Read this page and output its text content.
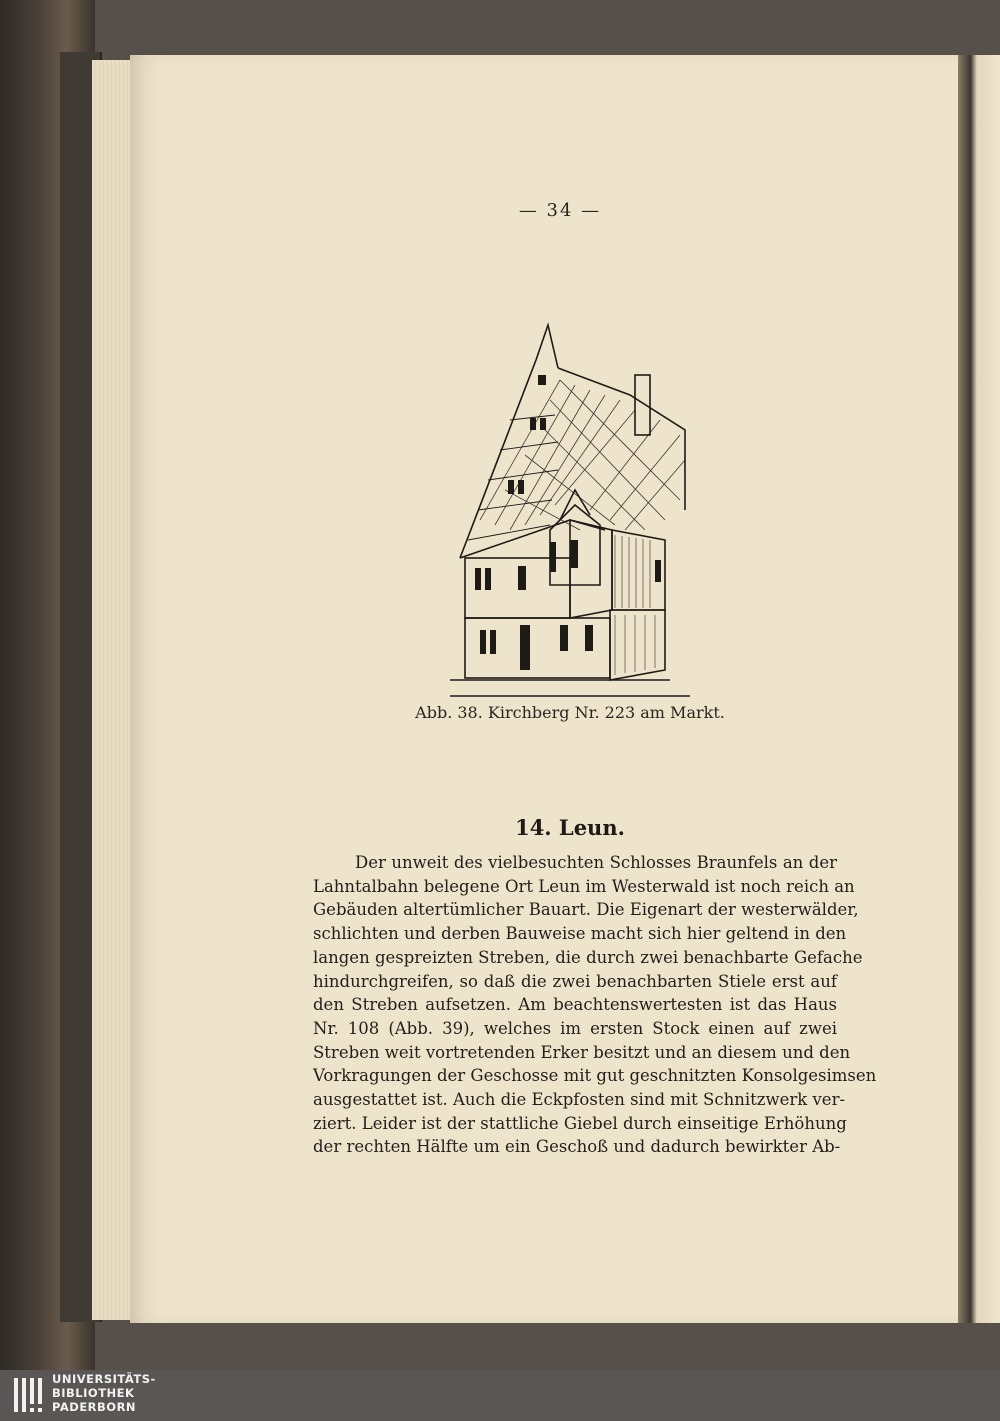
— 34 —
Abb. 38. Kirchberg Nr. 223 am Markt.
14. Leun.
Der unweit des vielbesuchten Schlosses Braunfels an der
Lahntalbahn belegene Ort Leun im Westerwald ist noch reich an
Gebäuden altertümlicher Bauart. Die Eigenart der westerwälder,
schlichten und derben Bauweise macht sich hier geltend in den
langen gespreizten Streben, die durch zwei benachbarte Gefache
hindurchgreifen, so daß die zwei benachbarten Stiele erst auf
den Streben aufsetzen. Am beachtenswertesten ist das Haus
Nr. 108 (Abb. 39), welches im ersten Stock einen auf zwei
Streben weit vortretenden Erker besitzt und an diesem und den
Vorkragungen der Geschosse mit gut geschnitzten Konsolgesimsen
ausgestattet ist. Auch die Eckpfosten sind mit Schnitzwerk ver-
ziert. Leider ist der stattliche Giebel durch einseitige Erhöhung
der rechten Hälfte um ein Geschoß und dadurch bewirkter Ab-
UNIVERSITÄTS-
BIBLIOTHEK
PADERBORN
